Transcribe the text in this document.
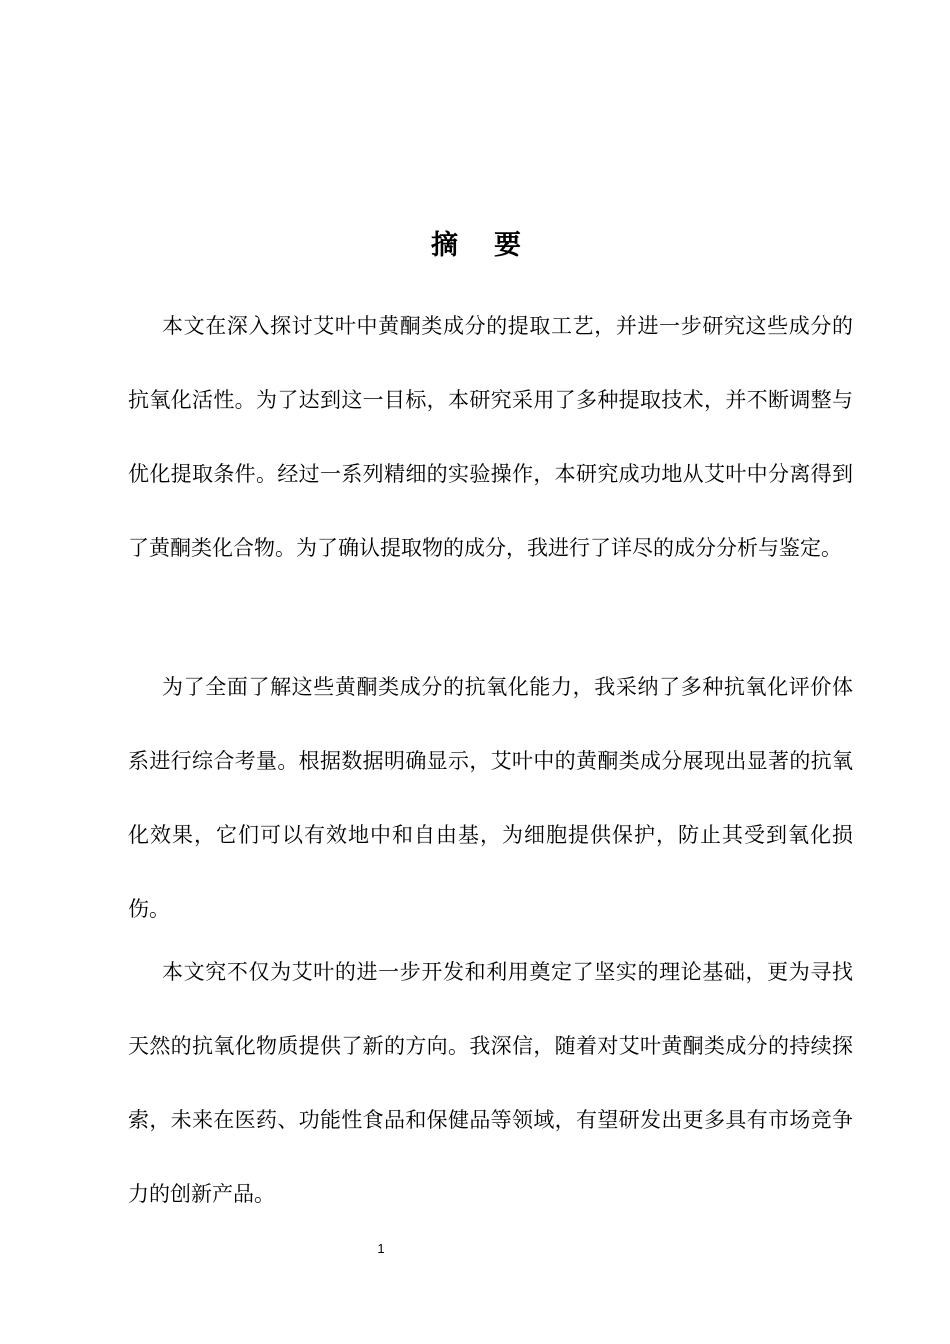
摘要

本文在深入探讨艾叶中黄酮类成分的提取工艺，并进一步研究这些成分的抗氧化活性。为了达到这一目标，本研究采用了多种提取技术，并不断调整与优化提取条件。经过一系列精细的实验操作，本研究成功地从艾叶中分离得到了黄酮类化合物。为了确认提取物的成分，我进行了详尽的成分分析与鉴定。

为了全面了解这些黄酮类成分的抗氧化能力，我采纳了多种抗氧化评价体系进行综合考量。根据数据明确显示，艾叶中的黄酮类成分展现出显著的抗氧化效果，它们可以有效地中和自由基，为细胞提供保护，防止其受到氧化损伤。

本文究不仅为艾叶的进一步开发和利用奠定了坚实的理论基础，更为寻找天然的抗氧化物质提供了新的方向。我深信，随着对艾叶黄酮类成分的持续探索，未来在医药、功能性食品和保健品等领域，有望研发出更多具有市场竞争力的创新产品。

1
